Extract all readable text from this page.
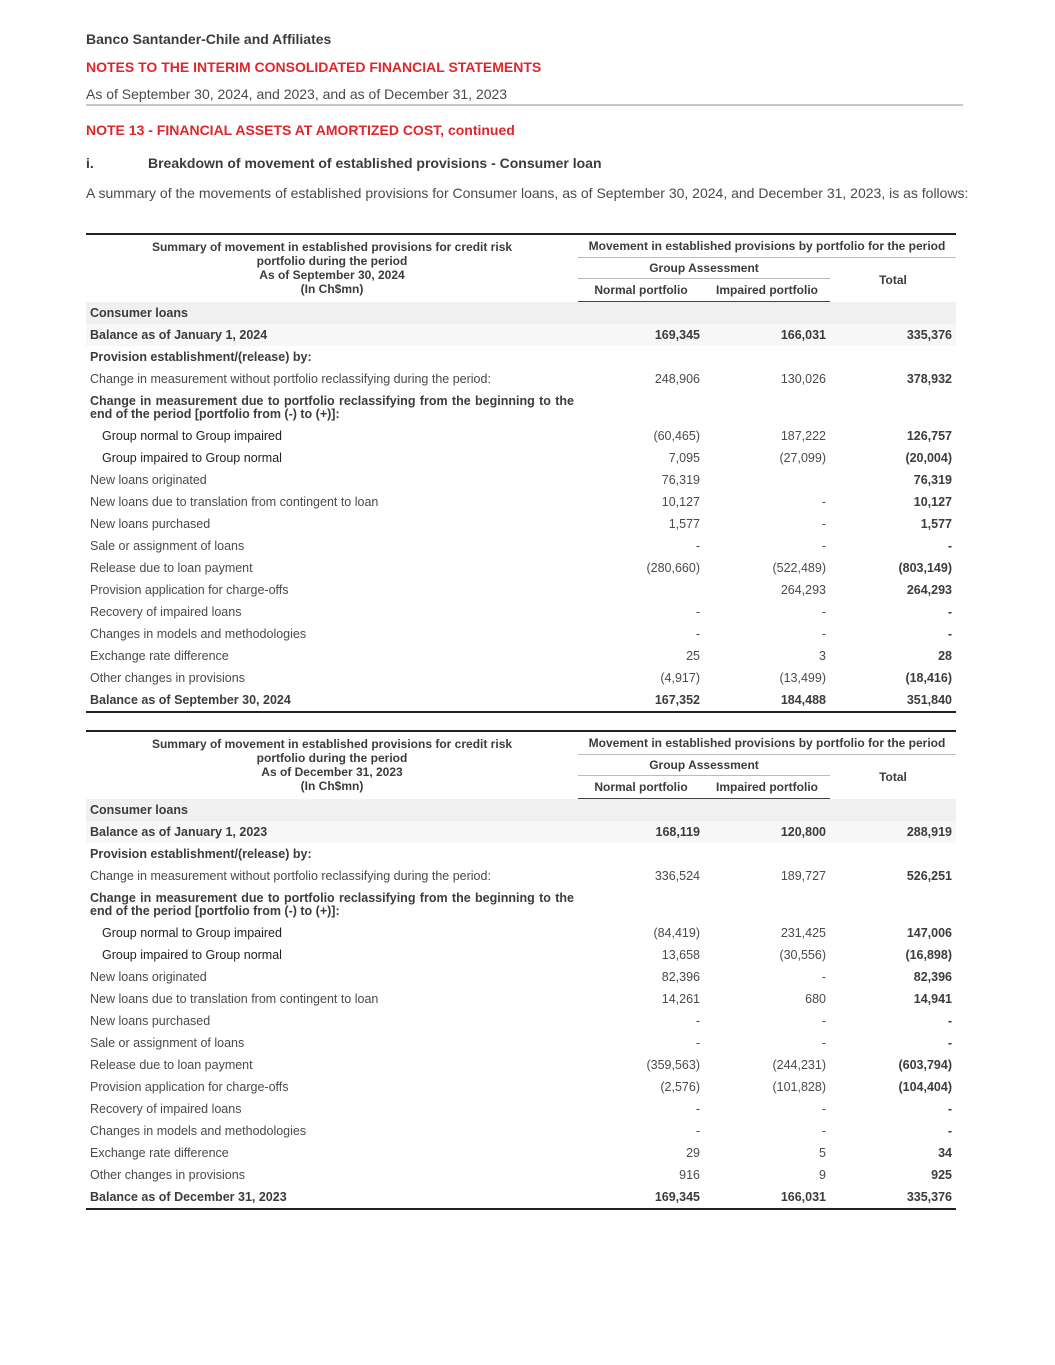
Banco Santander-Chile and Affiliates
NOTES TO THE INTERIM CONSOLIDATED FINANCIAL STATEMENTS
As of September 30, 2024, and 2023, and as of December 31, 2023
NOTE 13 - FINANCIAL ASSETS AT AMORTIZED COST, continued
i.	Breakdown of movement of established provisions - Consumer loan
A summary of the movements of established provisions for Consumer loans, as of September 30, 2024, and December 31, 2023, is as follows:
Summary of movement in established provisions for credit risk
portfolio during the period
As of September 30, 2024
(In Ch$mn)	Movement in established provisions by portfolio for the period		
	Group Assessment		Total
	Normal portfolio	Impaired portfolio	
Consumer loans			
Balance as of January 1, 2024	169,345	166,031	335,376
Provision establishment/(release) by:			
Change in measurement without portfolio reclassifying during the period:	248,906	130,026	378,932
Change in measurement due to portfolio reclassifying from the beginning to the end of the period [portfolio from (-) to (+)]:			
Group normal to Group impaired	(60,465)	187,222	126,757
Group impaired to Group normal	7,095	(27,099)	(20,004)
New loans originated	76,319		76,319
New loans due to translation from contingent to loan	10,127	-	10,127
New loans purchased	1,577	-	1,577
Sale or assignment of loans	-	-	-
Release due to loan payment	(280,660)	(522,489)	(803,149)
Provision application for charge-offs		264,293	264,293
Recovery of impaired loans	-	-	-
Changes in models and methodologies	-	-	-
Exchange rate difference	25	3	28
Other changes in provisions	(4,917)	(13,499)	(18,416)
Balance as of September 30, 2024	167,352	184,488	351,840
Summary of movement in established provisions for credit risk
portfolio during the period
As of December 31, 2023
(In Ch$mn)	Movement in established provisions by portfolio for the period		
	Group Assessment		Total
	Normal portfolio	Impaired portfolio	
Consumer loans			
Balance as of January 1, 2023	168,119	120,800	288,919
Provision establishment/(release) by:			
Change in measurement without portfolio reclassifying during the period:	336,524	189,727	526,251
Change in measurement due to portfolio reclassifying from the beginning to the end of the period [portfolio from (-) to (+)]:			
Group normal to Group impaired	(84,419)	231,425	147,006
Group impaired to Group normal	13,658	(30,556)	(16,898)
New loans originated	82,396	-	82,396
New loans due to translation from contingent to loan	14,261	680	14,941
New loans purchased	-	-	-
Sale or assignment of loans	-	-	-
Release due to loan payment	(359,563)	(244,231)	(603,794)
Provision application for charge-offs	(2,576)	(101,828)	(104,404)
Recovery of impaired loans	-	-	-
Changes in models and methodologies	-	-	-
Exchange rate difference	29	5	34
Other changes in provisions	916	9	925
Balance as of December 31, 2023	169,345	166,031	335,376
